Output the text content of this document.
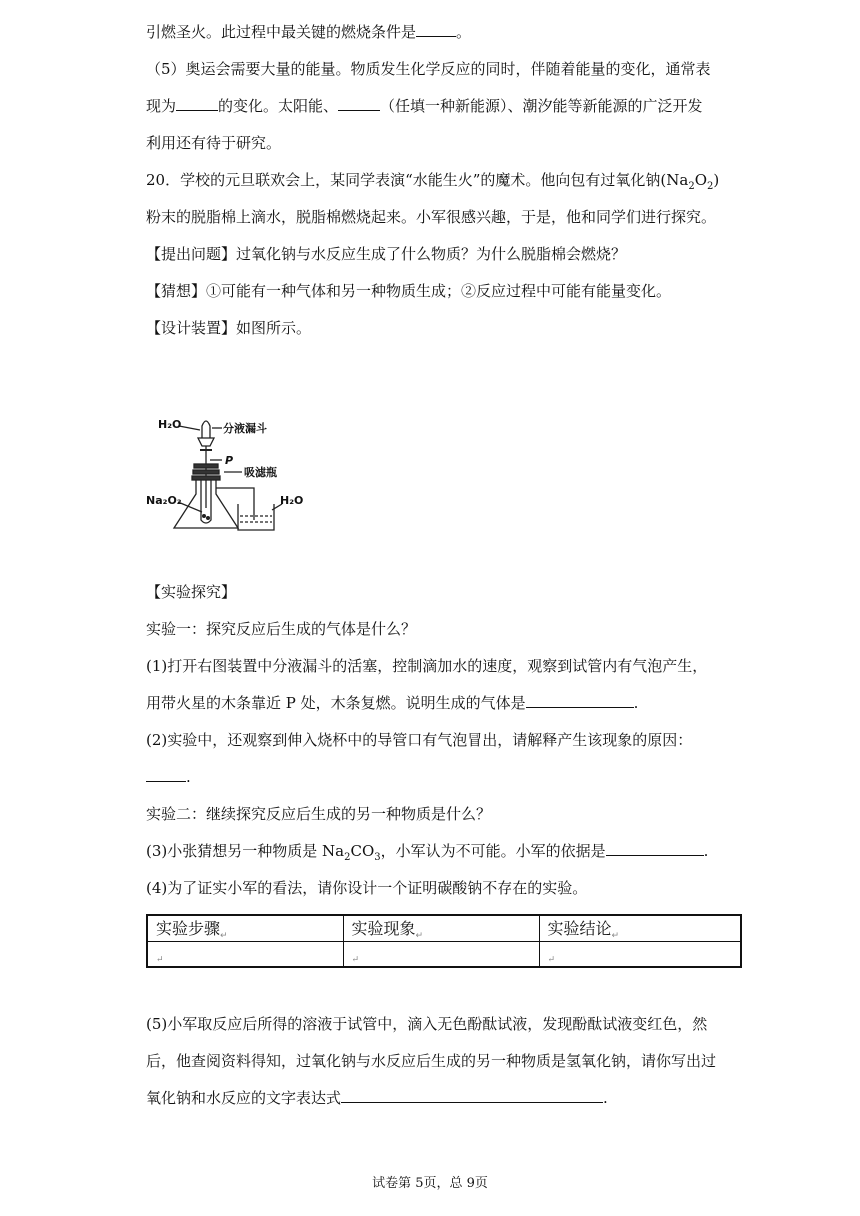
引燃圣火。此过程中最关键的燃烧条件是	。
（5）奥运会需要大量的能量。物质发生化学反应的同时，伴随着能量的变化，通常表
现为	的变化。太阳能、	（任填一种新能源）、潮汐能等新能源的广泛开发
利用还有待于研究。
20．学校的元旦联欢会上，某同学表演“水能生火”的魔术。他向包有过氧化钠$(Na_2O_2)$
粉末的脱脂棉上滴水，脱脂棉燃烧起来。小军很感兴趣，于是，他和同学们进行探究。
【提出问题】过氧化钠与水反应生成了什么物质？为什么脱脂棉会燃烧？
【猜想】①可能有一种气体和另一种物质生成；②反应过程中可能有能量变化。
【设计装置】如图所示。
H₂O	分液漏斗
P
吸滤瓶
Na₂O₂	H₂O
【实验探究】
实验一：探究反应后生成的气体是什么？
(1)打开右图装置中分液漏斗的活塞，控制滴加水的速度，观察到试管内有气泡产生，
用带火星的木条靠近 P 处，木条复燃。说明生成的气体是	.
(2)实验中，还观察到伸入烧杯中的导管口有气泡冒出，请解释产生该现象的原因：
.
实验二：继续探究反应后生成的另一种物质是什么？
(3)小张猜想另一种物质是 $Na_2CO_3$，小军认为不可能。小军的依据是	.
(4)为了证实小军的看法，请你设计一个证明碳酸钠不存在的实验。
实验步骤$_↵$	实验现象$_↵$	实验结论$_↵$
$_↵$	$_↵$	$_↵$
(5)小军取反应后所得的溶液于试管中，滴入无色酚酞试液，发现酚酞试液变红色，然
后，他查阅资料得知，过氧化钠与水反应后生成的另一种物质是氢氧化钠，请你写出过
氧化钠和水反应的文字表达式	.
试卷第 5页，总 9页
